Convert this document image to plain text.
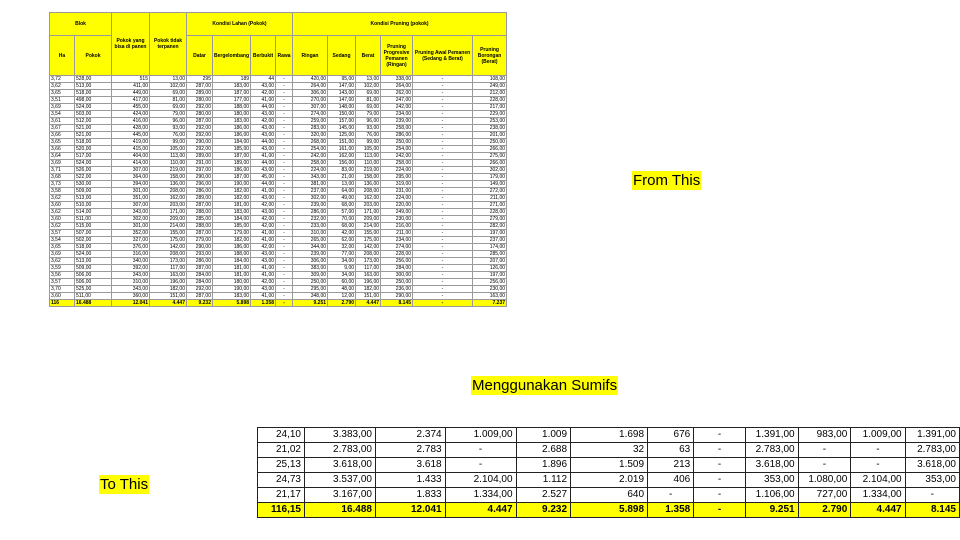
Blok		Pokok yang bisa di panen	Pokok tidak terpanen	Kondisi Lahan (Pokok)				Kondisi Pruning (pokok)					
Ha	Pokok			Datar	Bergelombang	Berbukit	Rawa	Ringan	Sedang	Berat	Pruning Progresive Pemanen (Ringan)	Pruning Awal Pemanen (Sedang & Berat)	Pruning Borongan (Berat)
3,72	528,00	515	13,00	295	189	44	-	420,00	95,00	13,00	338,00	-	108,00
3,62	513,00	411,00	102,00	287,00	183,00	43,00	-	264,00	147,00	102,00	264,00	-	249,00
3,65	518,00	449,00	69,00	289,00	187,00	42,00	-	306,00	143,00	69,00	262,00	-	212,00
3,51	498,00	417,00	81,00	280,00	177,00	41,00	-	270,00	147,00	81,00	247,00	-	228,00
3,69	524,00	455,00	69,00	292,00	188,00	44,00	-	307,00	148,00	69,00	242,00	-	217,00
3,54	503,00	424,00	79,00	280,00	180,00	43,00	-	274,00	150,00	79,00	234,00	-	229,00
3,61	512,00	416,00	96,00	287,00	183,00	42,00	-	259,00	157,00	96,00	239,00	-	253,00
3,67	521,00	428,00	93,00	292,00	186,00	43,00	-	283,00	145,00	93,00	258,00	-	238,00
3,66	521,00	445,00	76,00	292,00	186,00	43,00	-	320,00	125,00	76,00	286,00	-	201,00
3,65	518,00	419,00	99,00	290,00	184,00	44,00	-	268,00	151,00	99,00	250,00	-	250,00
3,66	520,00	415,00	105,00	292,00	185,00	43,00	-	254,00	161,00	105,00	254,00	-	266,00
3,64	517,00	404,00	113,00	289,00	187,00	41,00	-	242,00	162,00	113,00	242,00	-	275,00
3,69	524,00	414,00	110,00	291,00	189,00	44,00	-	258,00	156,00	110,00	258,00	-	266,00
3,71	526,00	307,00	219,00	297,00	186,00	43,00	-	224,00	83,00	219,00	224,00	-	302,00
3,68	522,00	364,00	158,00	290,00	187,00	45,00	-	343,00	21,00	158,00	295,00	-	179,00
3,73	530,00	394,00	136,00	296,00	190,00	44,00	-	381,00	13,00	136,00	319,00	-	149,00
3,58	509,00	301,00	208,00	286,00	182,00	41,00	-	237,00	64,00	208,00	231,00	-	272,00
3,62	513,00	351,00	162,00	289,00	182,00	43,00	-	302,00	49,00	162,00	224,00	-	211,00
3,60	510,00	307,00	203,00	287,00	181,00	42,00	-	239,00	68,00	203,00	220,00	-	271,00
3,62	514,00	343,00	171,00	288,00	183,00	43,00	-	286,00	57,00	171,00	249,00	-	228,00
3,60	511,00	302,00	209,00	285,00	184,00	42,00	-	232,00	70,00	209,00	230,00	-	279,00
3,62	515,00	301,00	214,00	288,00	185,00	42,00	-	233,00	68,00	214,00	216,00	-	282,00
3,57	507,00	352,00	155,00	287,00	179,00	41,00	-	310,00	42,00	155,00	211,00	-	197,00
3,54	502,00	327,00	175,00	279,00	182,00	41,00	-	265,00	62,00	175,00	234,00	-	237,00
3,65	518,00	376,00	142,00	290,00	186,00	42,00	-	344,00	32,00	142,00	274,00	-	174,00
3,69	524,00	316,00	208,00	293,00	188,00	43,00	-	239,00	77,00	208,00	228,00	-	285,00
3,62	513,00	340,00	173,00	286,00	184,00	43,00	-	306,00	34,00	173,00	256,00	-	207,00
3,59	509,00	392,00	117,00	287,00	181,00	41,00	-	383,00	9,00	117,00	284,00	-	126,00
3,56	506,00	343,00	163,00	284,00	181,00	41,00	-	309,00	34,00	163,00	300,00	-	197,00
3,57	506,00	310,00	196,00	284,00	180,00	42,00	-	250,00	60,00	196,00	250,00	-	256,00
3,70	525,00	343,00	182,00	292,00	190,00	43,00	-	295,00	48,00	182,00	236,00	-	230,00
3,60	511,00	360,00	151,00	287,00	183,00	41,00	-	348,00	12,00	151,00	290,00	-	163,00
116	16.488	12.041	4.447	9.232	5.898	1.358	-	9.251	2.790	4.447	8.145	-	7.237
From This
Menggunakan Sumifs
To This
24,10	3.383,00	2.374	1.009,00	1.009	1.698	676	-	1.391,00	983,00	1.009,00	1.391,00
21,02	2.783,00	2.783	-	2.688	32	63	-	2.783,00	-	-	2.783,00
25,13	3.618,00	3.618	-	1.896	1.509	213	-	3.618,00	-	-	3.618,00
24,73	3.537,00	1.433	2.104,00	1.112	2.019	406	-	353,00	1.080,00	2.104,00	353,00
21,17	3.167,00	1.833	1.334,00	2.527	640	-	-	1.106,00	727,00	1.334,00	-
116,15	16.488	12.041	4.447	9.232	5.898	1.358	-	9.251	2.790	4.447	8.145
